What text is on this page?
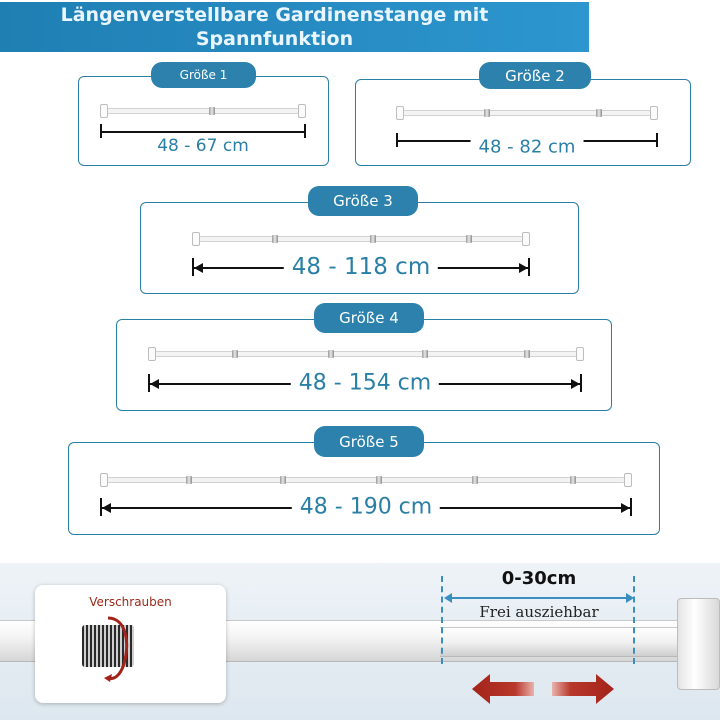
Längenverstellbare Gardinenstange mit Spannfunktion
Größe 1
48 - 67 cm
Größe 2
48 - 82 cm
Größe 3
48 - 118 cm
Größe 4
48 - 154 cm
Größe 5
48 - 190 cm
Verschrauben
0-30cm
Frei ausziehbar
